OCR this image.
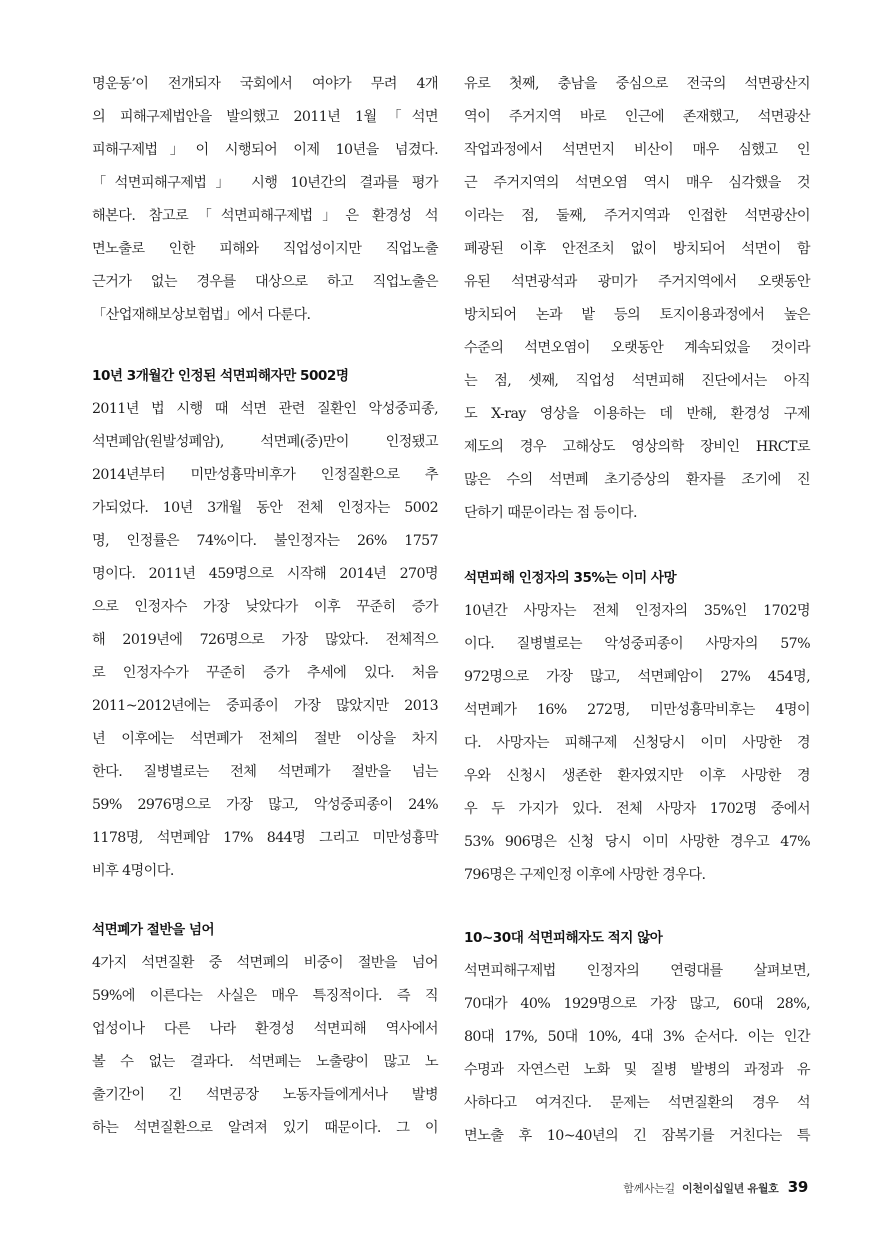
명운동’이 전개되자 국회에서 여야가 무려 4개
의 피해구제법안을 발의했고 2011년 1월「석면
피해구제법」이 시행되어 이제 10년을 넘겼다.
「석면피해구제법」 시행 10년간의 결과를 평가
해본다. 참고로「석면피해구제법」은 환경성 석
면노출로 인한 피해와 직업성이지만 직업노출
근거가 없는 경우를 대상으로 하고 직업노출은
「산업재해보상보험법」에서 다룬다.
10년 3개월간 인정된 석면피해자만 5002명
2011년 법 시행 때 석면 관련 질환인 악성중피종,
석면폐암(원발성폐암), 석면폐(중)만이 인정됐고
2014년부터 미만성흉막비후가 인정질환으로 추
가되었다. 10년 3개월 동안 전체 인정자는 5002
명, 인정률은 74%이다. 불인정자는 26% 1757
명이다. 2011년 459명으로 시작해 2014년 270명
으로 인정자수 가장 낮았다가 이후 꾸준히 증가
해 2019년에 726명으로 가장 많았다. 전체적으
로 인정자수가 꾸준히 증가 추세에 있다. 처음
2011~2012년에는 중피종이 가장 많았지만 2013
년 이후에는 석면폐가 전체의 절반 이상을 차지
한다. 질병별로는 전체 석면폐가 절반을 넘는
59% 2976명으로 가장 많고, 악성중피종이 24%
1178명, 석면폐암 17% 844명 그리고 미만성흉막
비후 4명이다.
석면폐가 절반을 넘어
4가지 석면질환 중 석면폐의 비중이 절반을 넘어
59%에 이른다는 사실은 매우 특징적이다. 즉 직
업성이나 다른 나라 환경성 석면피해 역사에서
볼 수 없는 결과다. 석면폐는 노출량이 많고 노
출기간이 긴 석면공장 노동자들에게서나 발병
하는 석면질환으로 알려져 있기 때문이다. 그 이
유로 첫째, 충남을 중심으로 전국의 석면광산지
역이 주거지역 바로 인근에 존재했고, 석면광산
작업과정에서 석면먼지 비산이 매우 심했고 인
근 주거지역의 석면오염 역시 매우 심각했을 것
이라는 점, 둘째, 주거지역과 인접한 석면광산이
폐광된 이후 안전조치 없이 방치되어 석면이 함
유된 석면광석과 광미가 주거지역에서 오랫동안
방치되어 논과 밭 등의 토지이용과정에서 높은
수준의 석면오염이 오랫동안 계속되었을 것이라
는 점, 셋째, 직업성 석면피해 진단에서는 아직
도 X-ray 영상을 이용하는 데 반해, 환경성 구제
제도의 경우 고해상도 영상의학 장비인 HRCT로
많은 수의 석면폐 초기증상의 환자를 조기에 진
단하기 때문이라는 점 등이다.
석면피해 인정자의 35%는 이미 사망
10년간 사망자는 전체 인정자의 35%인 1702명
이다. 질병별로는 악성중피종이 사망자의 57%
972명으로 가장 많고, 석면폐암이 27% 454명,
석면폐가 16% 272명, 미만성흉막비후는 4명이
다. 사망자는 피해구제 신청당시 이미 사망한 경
우와 신청시 생존한 환자였지만 이후 사망한 경
우 두 가지가 있다. 전체 사망자 1702명 중에서
53% 906명은 신청 당시 이미 사망한 경우고 47%
796명은 구제인정 이후에 사망한 경우다.
10~30대 석면피해자도 적지 않아
석면피해구제법 인정자의 연령대를 살펴보면,
70대가 40% 1929명으로 가장 많고, 60대 28%,
80대 17%, 50대 10%, 4대 3% 순서다. 이는 인간
수명과 자연스런 노화 및 질병 발병의 과정과 유
사하다고 여겨진다. 문제는 석면질환의 경우 석
면노출 후 10~40년의 긴 잠복기를 거친다는 특
함께사는길 이천이십일년 유월호 39
